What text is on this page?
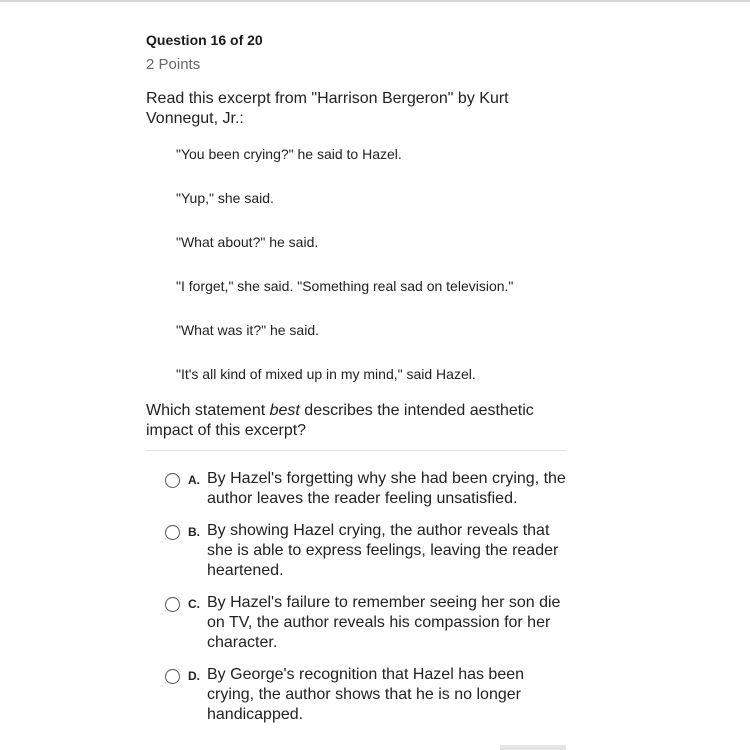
Question 16 of 20
2 Points
Read this excerpt from "Harrison Bergeron" by Kurt Vonnegut, Jr.:
"You been crying?" he said to Hazel.
"Yup," she said.
"What about?" he said.
"I forget," she said. "Something real sad on television."
"What was it?" he said.
"It's all kind of mixed up in my mind," said Hazel.
Which statement best describes the intended aesthetic impact of this excerpt?
A. By Hazel's forgetting why she had been crying, the author leaves the reader feeling unsatisfied.
B. By showing Hazel crying, the author reveals that she is able to express feelings, leaving the reader heartened.
C. By Hazel's failure to remember seeing her son die on TV, the author reveals his compassion for her character.
D. By George's recognition that Hazel has been crying, the author shows that he is no longer handicapped.
